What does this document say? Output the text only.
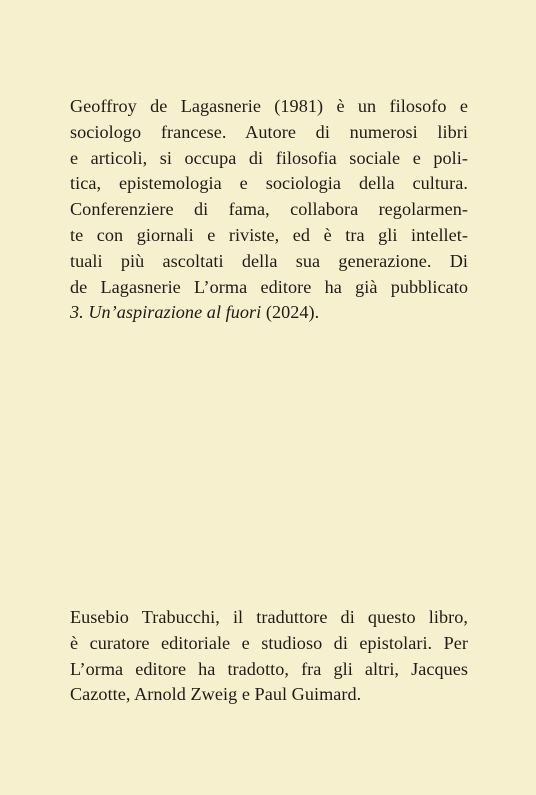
Geoffroy de Lagasnerie (1981) è un filosofo e
sociologo francese. Autore di numerosi libri
e articoli, si occupa di filosofia sociale e poli-
tica, epistemologia e sociologia della cultura.
Conferenziere di fama, collabora regolarmen-
te con giornali e riviste, ed è tra gli intellet-
tuali più ascoltati della sua generazione. Di
de Lagasnerie L’orma editore ha già pubblicato
3. Un’aspirazione al fuori (2024).
Eusebio Trabucchi, il traduttore di questo libro,
è curatore editoriale e studioso di epistolari. Per
L’orma editore ha tradotto, fra gli altri, Jacques
Cazotte, Arnold Zweig e Paul Guimard.
